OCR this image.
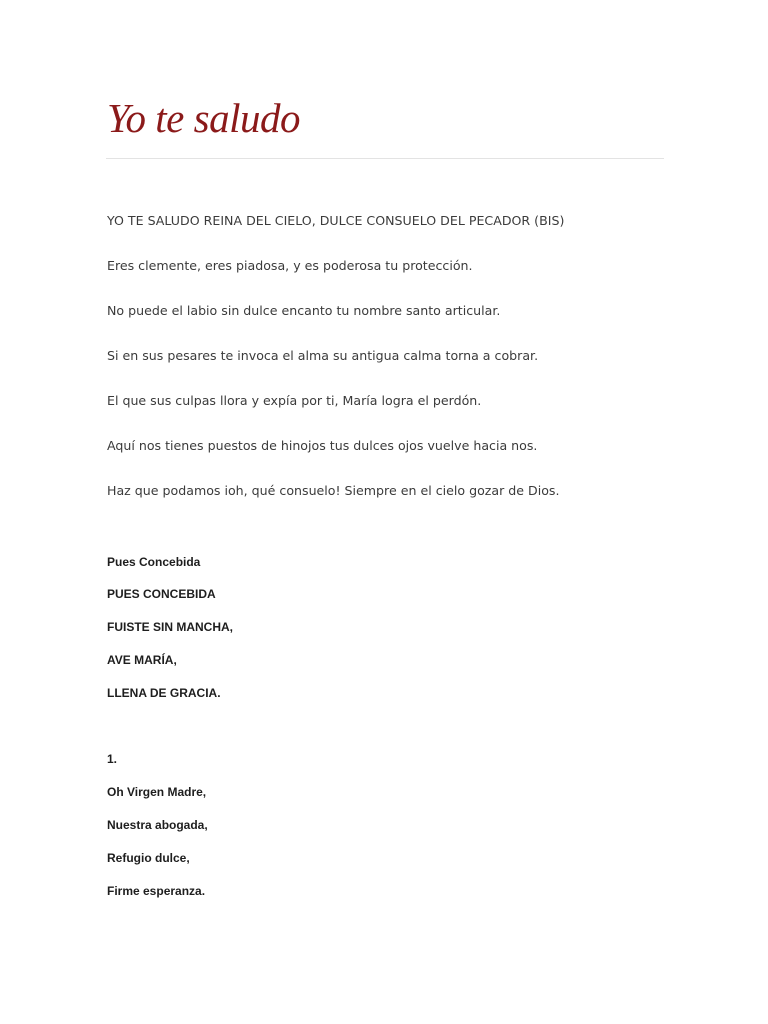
Yo te saludo

YO TE SALUDO REINA DEL CIELO, DULCE CONSUELO DEL PECADOR (BIS)

Eres clemente, eres piadosa, y es poderosa tu protección.

No puede el labio sin dulce encanto tu nombre santo articular.

Si en sus pesares te invoca el alma su antigua calma torna a cobrar.

El que sus culpas llora y expía por ti, María logra el perdón.

Aquí nos tienes puestos de hinojos tus dulces ojos vuelve hacia nos.

Haz que podamos ioh, qué consuelo! Siempre en el cielo gozar de Dios.

Pues Concebida

PUES CONCEBIDA

FUISTE SIN MANCHA,

AVE MARÍA,

LLENA DE GRACIA.

1.

Oh Virgen Madre,

Nuestra abogada,

Refugio dulce,

Firme esperanza.
